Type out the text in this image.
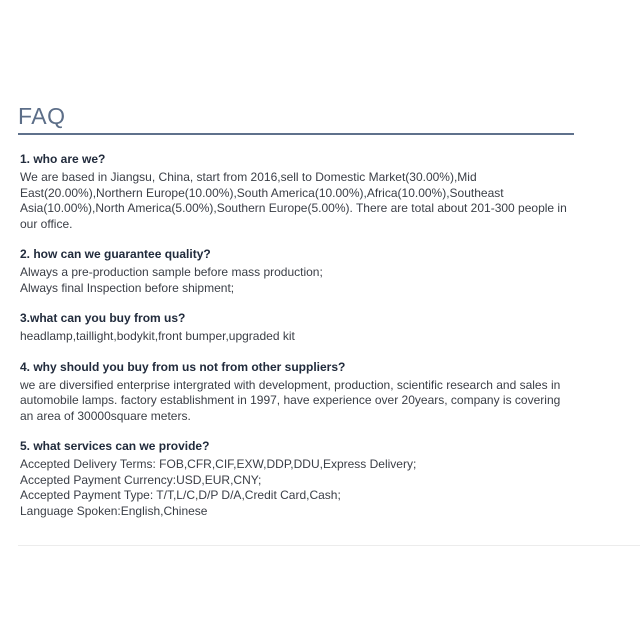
FAQ

1. who are we?

We are based in Jiangsu, China, start from 2016,sell to Domestic Market(30.00%),Mid East(20.00%),Northern Europe(10.00%),South America(10.00%),Africa(10.00%),Southeast Asia(10.00%),North America(5.00%),Southern Europe(5.00%). There are total about 201-300 people in our office.

2. how can we guarantee quality?

Always a pre-production sample before mass production;

Always final Inspection before shipment;

3.what can you buy from us?

headlamp,taillight,bodykit,front bumper,upgraded kit

4. why should you buy from us not from other suppliers?

we are diversified enterprise intergrated with development, production, scientific research and sales in automobile lamps. factory establishment in 1997, have experience over 20years, company is covering an area of 30000square meters.

5. what services can we provide?

Accepted Delivery Terms: FOB,CFR,CIF,EXW,DDP,DDU,Express Delivery;

Accepted Payment Currency:USD,EUR,CNY;

Accepted Payment Type: T/T,L/C,D/P D/A,Credit Card,Cash;

Language Spoken:English,Chinese
